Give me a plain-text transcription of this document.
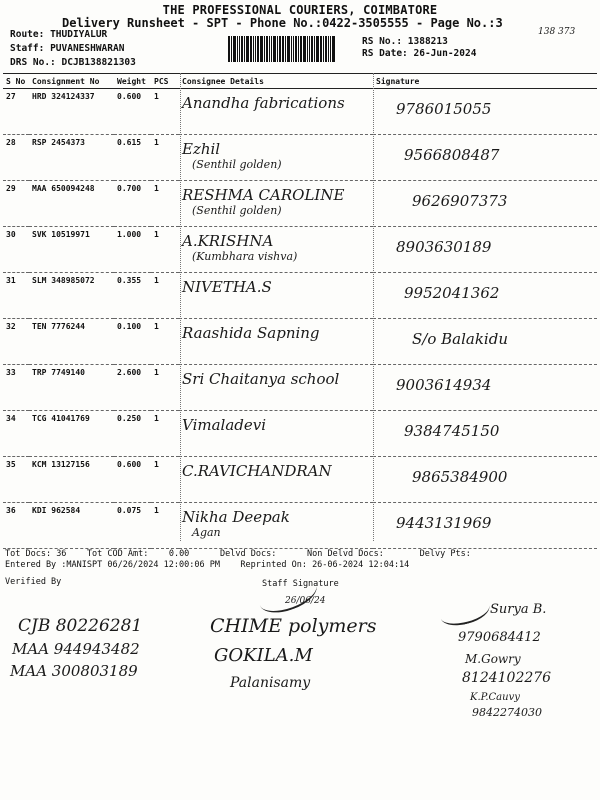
THE PROFESSIONAL COURIERS, COIMBATORE
Delivery Runsheet - SPT - Phone No.:0422-3505555 - Page No.:3
138 373
Route: THUDIYALUR
Staff: PUVANESHWARAN
DRS No.: DCJB138821303
RS No.: 1388213
RS Date: 26-Jun-2024
S No	Consignment No	Weight	PCS	Consignee Details	Signature
27	HRD 324124337	0.600	1	Anandha fabrications	9786015055

28	RSP 2454373	0.615	1	Ezhil
(Senthil golden)	9566808487

29	MAA 650094248	0.700	1	RESHMA CAROLINE
(Senthil golden)	9626907373

30	SVK 10519971	1.000	1	A.KRISHNA
(Kumbhara vishva)	8903630189

31	SLM 348985072	0.355	1	NIVETHA.S	9952041362

32	TEN 7776244	0.100	1	Raashida Sapning	S/o Balakidu

33	TRP 7749140	2.600	1	Sri Chaitanya school	9003614934

34	TCG 41041769	0.250	1	Vimaladevi	9384745150

35	KCM 13127156	0.600	1	C.RAVICHANDRAN	9865384900

36	KDI 962584	0.075	1	Nikha Deepak
Agan	9443131969
Tot Docs: 36 Tot COD Amt: 0.00	Delvd Docs:	Non Delvd Docs:	Delvy Pts:
Entered By :MANISPT 06/26/2024 12:00:06 PM Reprinted On: 26-06-2024 12:04:14
Verified By	Staff Signature
CJB 80226281
MAA 944943482
MAA 300803189
CHIME polymers
GOKILA.M
Palanisamy
26/06/24
Surya B.
9790684412
M.Gowry
8124102276
K.P.Cauvy
9842274030
